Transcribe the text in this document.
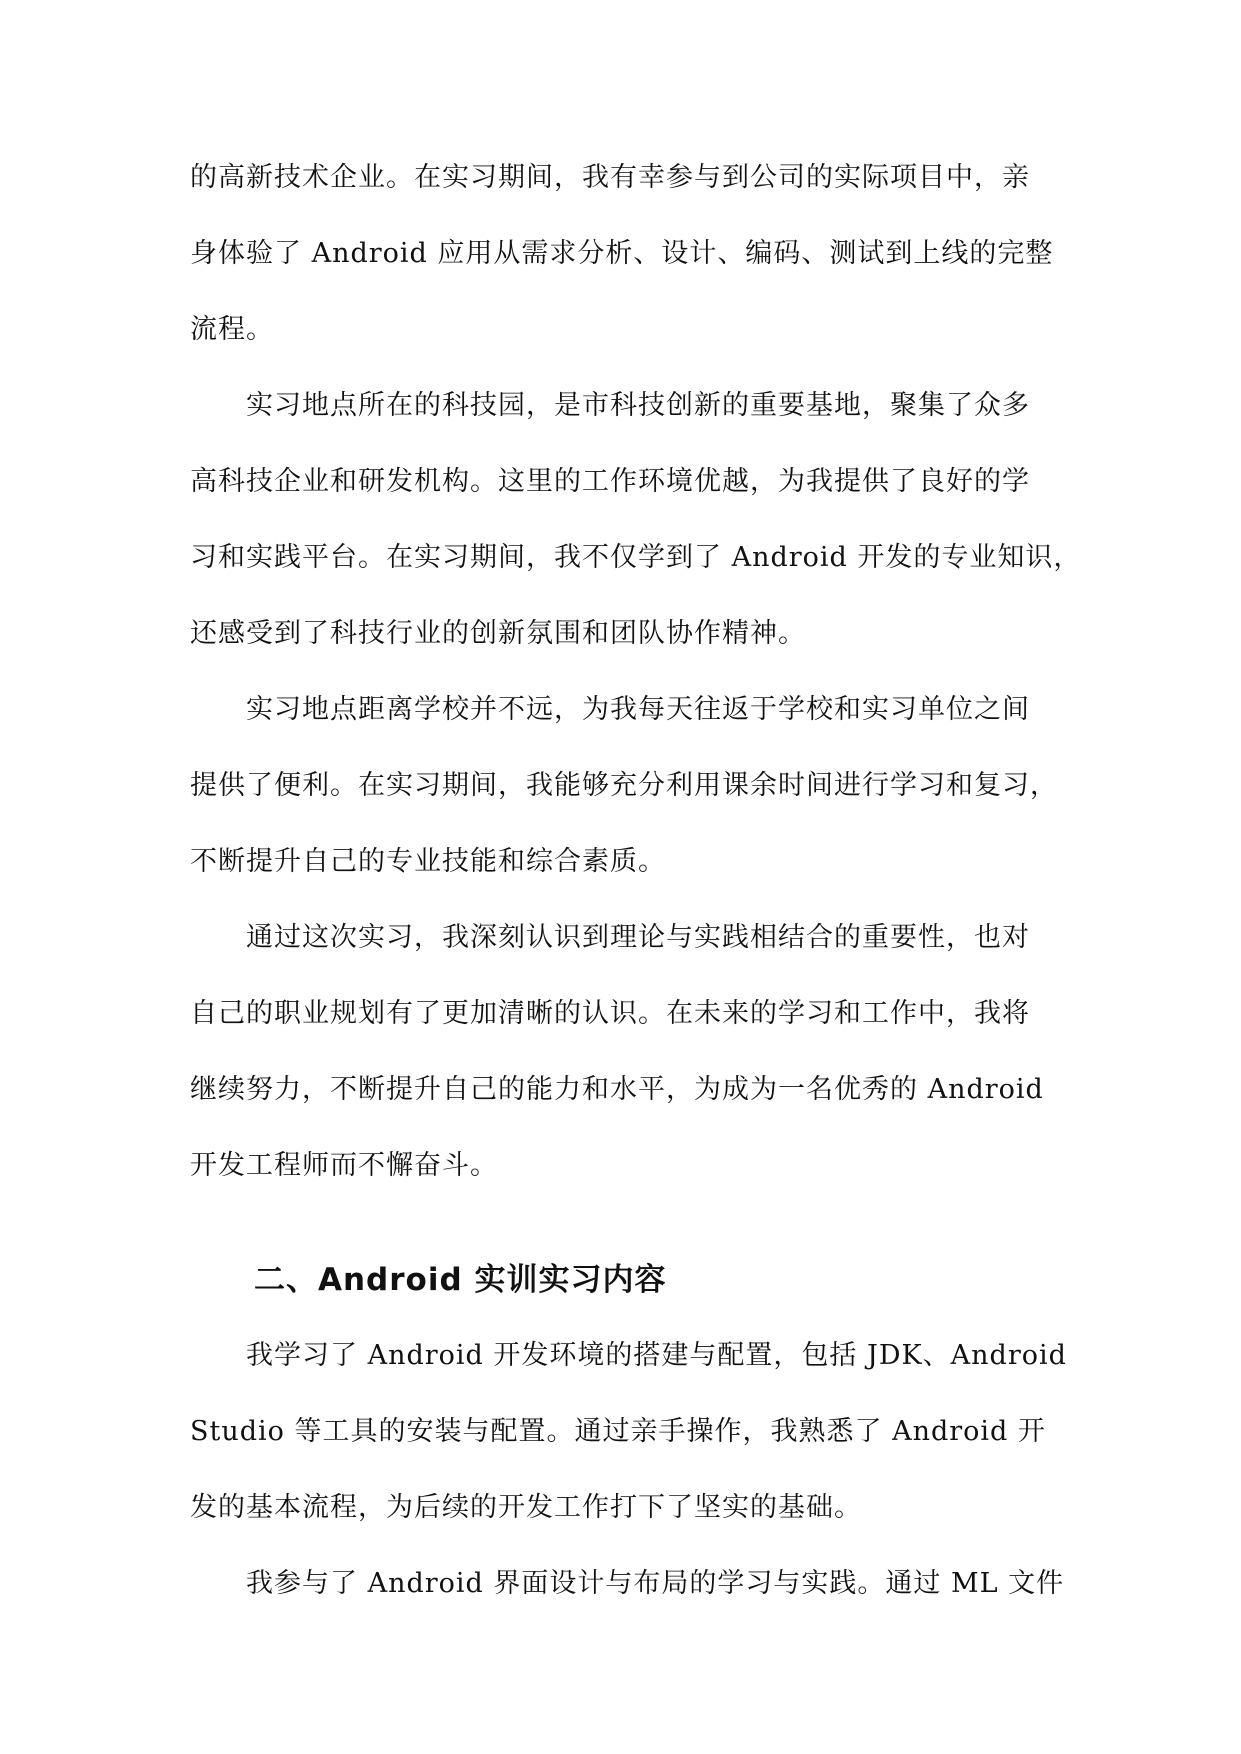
的高新技术企业。在实习期间，我有幸参与到公司的实际项目中，亲
身体验了 Android 应用从需求分析、设计、编码、测试到上线的完整
流程。

实习地点所在的科技园，是市科技创新的重要基地，聚集了众多
高科技企业和研发机构。这里的工作环境优越，为我提供了良好的学
习和实践平台。在实习期间，我不仅学到了 Android 开发的专业知识，
还感受到了科技行业的创新氛围和团队协作精神。

实习地点距离学校并不远，为我每天往返于学校和实习单位之间
提供了便利。在实习期间，我能够充分利用课余时间进行学习和复习，
不断提升自己的专业技能和综合素质。

通过这次实习，我深刻认识到理论与实践相结合的重要性，也对
自己的职业规划有了更加清晰的认识。在未来的学习和工作中，我将
继续努力，不断提升自己的能力和水平，为成为一名优秀的 Android
开发工程师而不懈奋斗。

二、Android 实训实习内容

我学习了 Android 开发环境的搭建与配置，包括 JDK、Android
Studio 等工具的安装与配置。通过亲手操作，我熟悉了 Android 开
发的基本流程，为后续的开发工作打下了坚实的基础。

我参与了 Android 界面设计与布局的学习与实践。通过 ML 文件
